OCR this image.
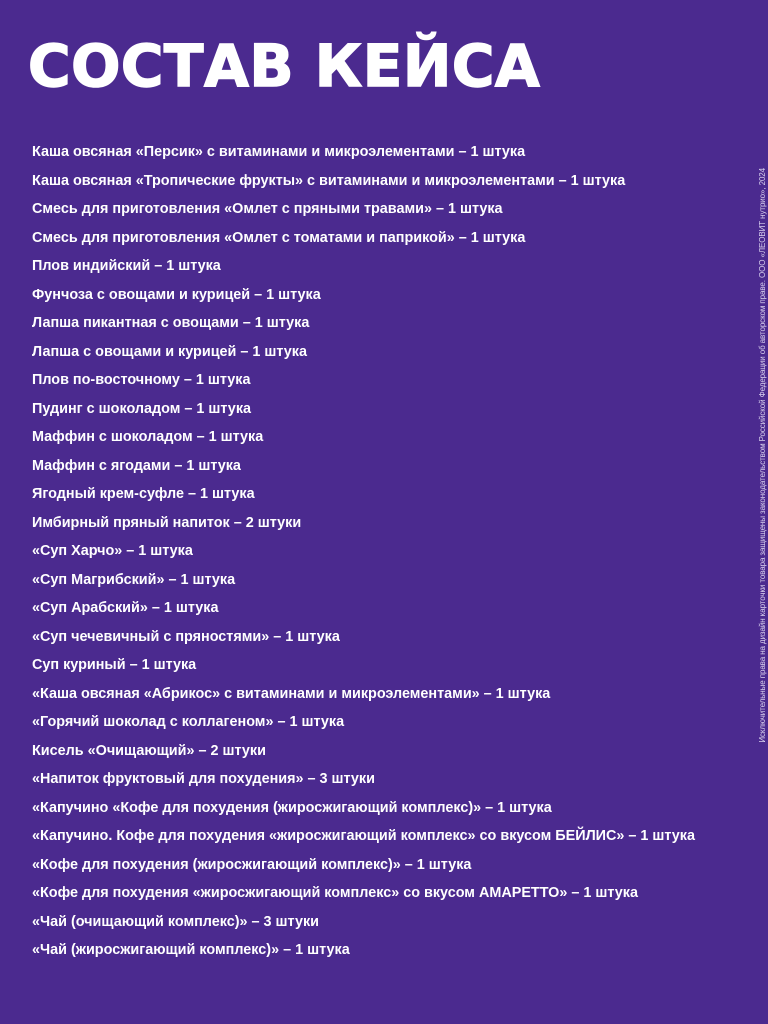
СОСТАВ КЕЙСА
Каша овсяная «Персик» с витаминами и микроэлементами – 1 штука
Каша овсяная «Тропические фрукты» с витаминами и микроэлементами – 1 штука
Смесь для приготовления «Омлет с пряными травами» – 1 штука
Смесь для приготовления «Омлет с томатами и паприкой» – 1 штука
Плов индийский – 1 штука
Фунчоза с овощами и курицей – 1 штука
Лапша пикантная с овощами – 1 штука
Лапша с овощами и курицей – 1 штука
Плов по-восточному – 1 штука
Пудинг с шоколадом – 1 штука
Маффин с шоколадом – 1 штука
Маффин с ягодами – 1 штука
Ягодный крем-суфле – 1 штука
Имбирный пряный напиток – 2 штуки
«Суп Харчо» – 1 штука
«Суп Магрибский» – 1 штука
«Суп Арабский» – 1 штука
«Суп чечевичный с пряностями» – 1 штука
Суп куриный – 1 штука
«Каша овсяная «Абрикос» с витаминами и микроэлементами» – 1 штука
«Горячий шоколад с коллагеном» – 1 штука
Кисель «Очищающий» – 2 штуки
«Напиток фруктовый для похудения» – 3 штуки
«Капучино «Кофе для похудения (жиросжигающий комплекс)» – 1 штука
«Капучино. Кофе для похудения «жиросжигающий комплекс» со вкусом БЕЙЛИС» – 1 штука
«Кофе для похудения (жиросжигающий комплекс)» – 1 штука
«Кофе для похудения «жиросжигающий комплекс» со вкусом АМАРЕТТО» – 1 штука
«Чай (очищающий комплекс)» – 3 штуки
«Чай (жиросжигающий комплекс)» – 1 штука
Исключительные права на дизайн карточки товара защищены законодательством Российской Федерации об авторском праве. ООО «ЛЕОВИТ нутрио», 2024
